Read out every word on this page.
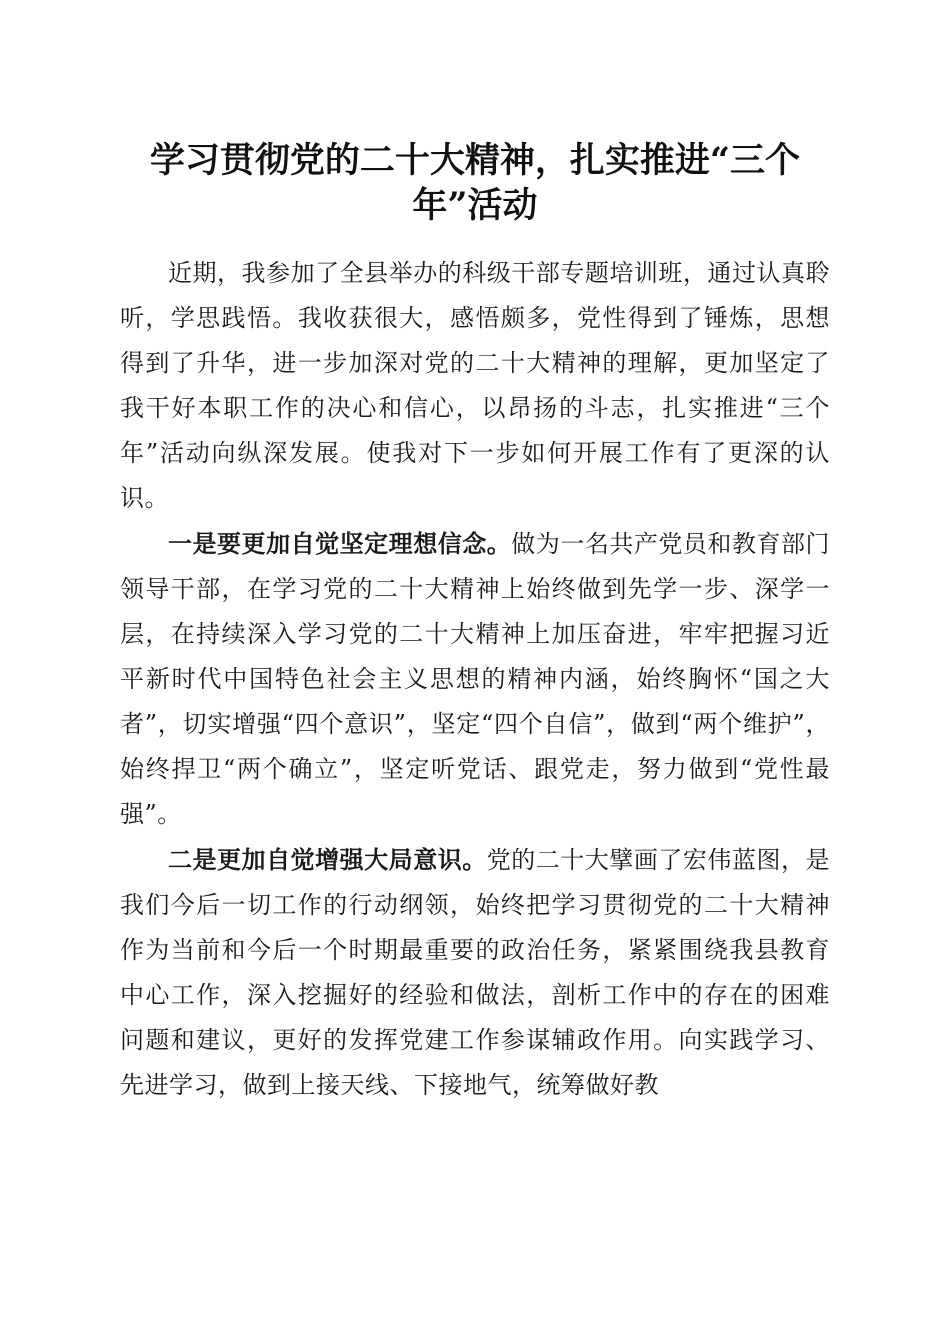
学习贯彻党的二十大精神，扎实推进“三个年”活动

近期，我参加了全县举办的科级干部专题培训班，通过认真聆听，学思践悟。我收获很大，感悟颇多，党性得到了锤炼，思想得到了升华，进一步加深对党的二十大精神的理解，更加坚定了我干好本职工作的决心和信心，以昂扬的斗志，扎实推进“三个年”活动向纵深发展。使我对下一步如何开展工作有了更深的认识。

一是要更加自觉坚定理想信念。做为一名共产党员和教育部门领导干部，在学习党的二十大精神上始终做到先学一步、深学一层，在持续深入学习党的二十大精神上加压奋进，牢牢把握习近平新时代中国特色社会主义思想的精神内涵，始终胸怀“国之大者”，切实增强“四个意识”，坚定“四个自信”，做到“两个维护”，始终捍卫“两个确立”，坚定听党话、跟党走，努力做到“党性最强”。

二是更加自觉增强大局意识。党的二十大擘画了宏伟蓝图，是我们今后一切工作的行动纲领，始终把学习贯彻党的二十大精神作为当前和今后一个时期最重要的政治任务，紧紧围绕我县教育中心工作，深入挖掘好的经验和做法，剖析工作中的存在的困难问题和建议，更好的发挥党建工作参谋辅政作用。向实践学习、先进学习，做到上接天线、下接地气，统筹做好教
